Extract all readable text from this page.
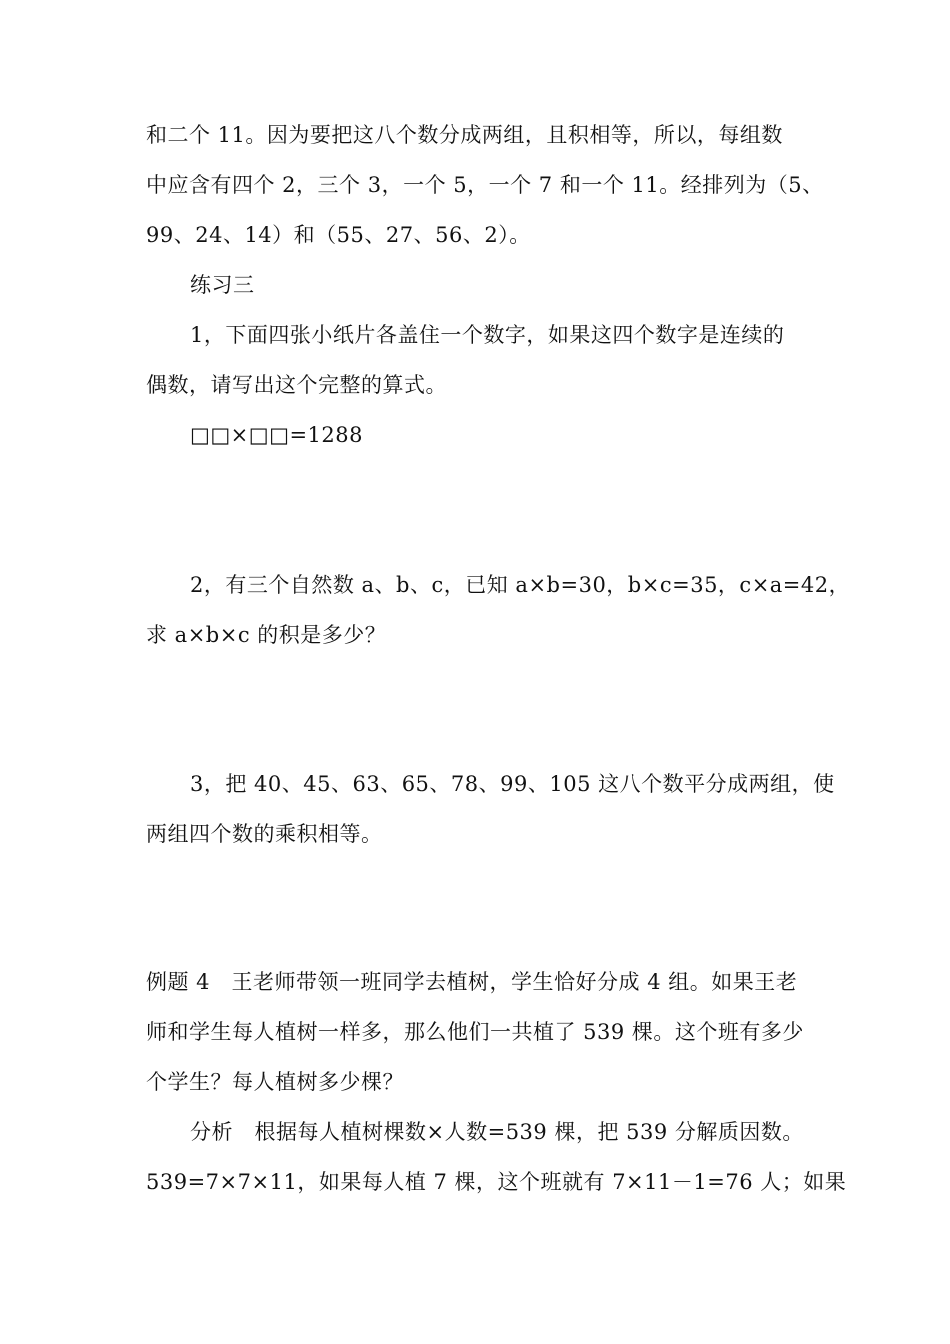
和二个 11。因为要把这八个数分成两组，且积相等，所以，每组数
中应含有四个 2，三个 3，一个 5，一个 7 和一个 11。经排列为（5、
99、24、14）和（55、27、56、2）。
练习三
1，下面四张小纸片各盖住一个数字，如果这四个数字是连续的
偶数，请写出这个完整的算式。
□□×□□=1288
2，有三个自然数 a、b、c，已知 a×b=30，b×c=35，c×a=42，
求 a×b×c 的积是多少？
3，把 40、45、63、65、78、99、105 这八个数平分成两组，使
两组四个数的乘积相等。
例题 4　王老师带领一班同学去植树，学生恰好分成 4 组。如果王老
师和学生每人植树一样多，那么他们一共植了 539 棵。这个班有多少
个学生？每人植树多少棵？
分析　根据每人植树棵数×人数=539 棵，把 539 分解质因数。
539=7×7×11，如果每人植 7 棵，这个班就有 7×11－1=76 人；如果
